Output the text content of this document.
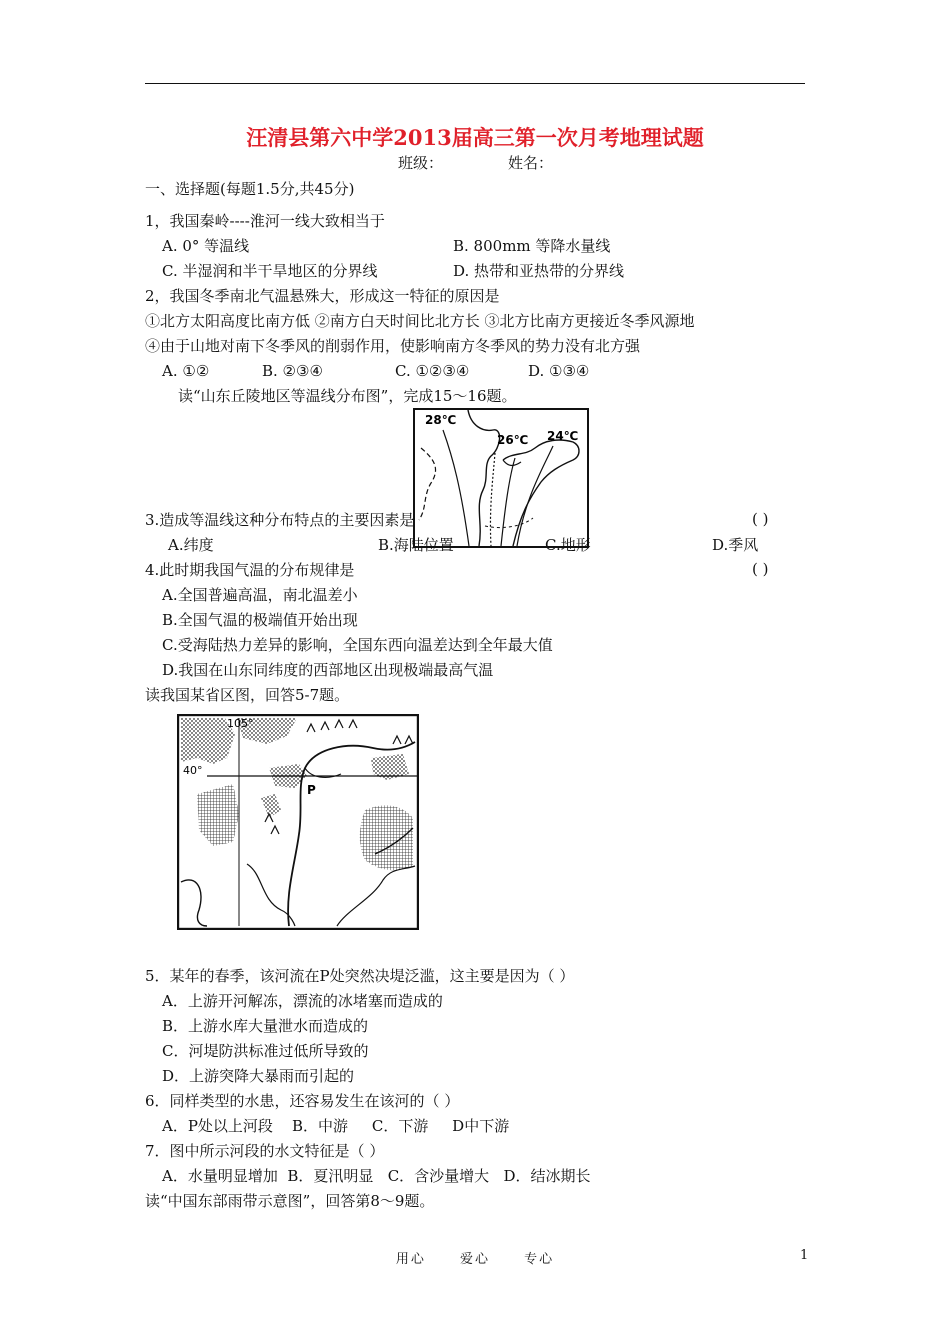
汪清县第六中学2013届高三第一次月考地理试题
班级：	姓名：
一、选择题(每题1.5分,共45分)
1，我国秦岭----淮河一线大致相当于
A. 0° 等温线	B. 800mm 等降水量线
C. 半湿润和半干旱地区的分界线	D. 热带和亚热带的分界线
2，我国冬季南北气温悬殊大，形成这一特征的原因是
①北方太阳高度比南方低 ②南方白天时间比北方长 ③北方比南方更接近冬季风源地
④由于山地对南下冬季风的削弱作用，使影响南方冬季风的势力没有北方强
A. ①②	B. ②③④	C. ①②③④	D. ①③④
读“山东丘陵地区等温线分布图”，完成15～16题。
28℃
26℃ 24℃
3.造成等温线这种分布特点的主要因素是	( )
A.纬度	B.海陆位置	C.地形	D.季风
4.此时期我国气温的分布规律是	( )
A.全国普遍高温，南北温差小
B.全国气温的极端值开始出现
C.受海陆热力差异的影响，全国东西向温差达到全年最大值
D.我国在山东同纬度的西部地区出现极端最高气温
读我国某省区图，回答5-7题。
105°
40°
P
5．某年的春季，该河流在P处突然决堤泛滥，这主要是因为（ ）
A．上游开河解冻，漂流的冰堵塞而造成的
B．上游水库大量泄水而造成的
C．河堤防洪标准过低所导致的
D．上游突降大暴雨而引起的
6．同样类型的水患，还容易发生在该河的（ ）
A．P处以上河段    B．中游     C．下游     D中下游
7．图中所示河段的水文特征是（ ）
A．水量明显增加  B．夏汛明显   C．含沙量增大   D．结冰期长
读“中国东部雨带示意图”，回答第8～9题。
用心	爱心	专心	1
